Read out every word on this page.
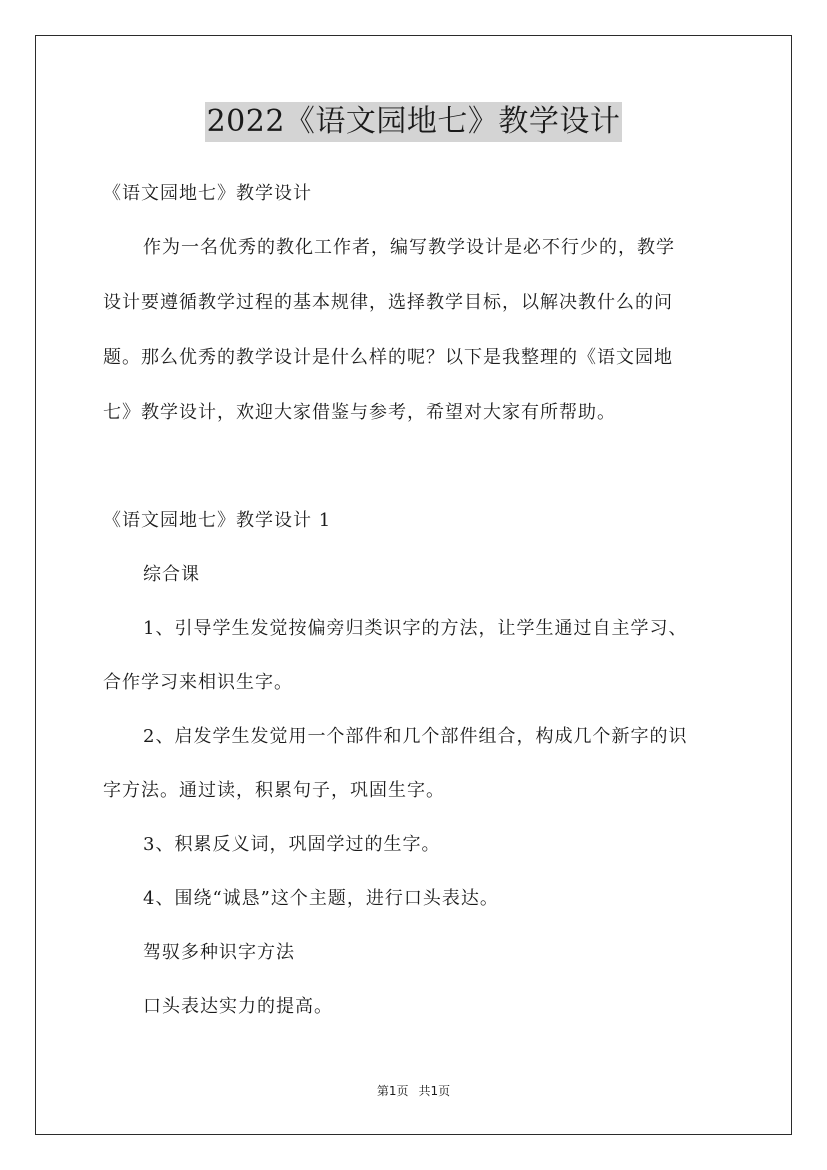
2022《语文园地七》教学设计
《语文园地七》教学设计
作为一名优秀的教化工作者，编写教学设计是必不行少的，教学
设计要遵循教学过程的基本规律，选择教学目标，以解决教什么的问
题。那么优秀的教学设计是什么样的呢？以下是我整理的《语文园地
七》教学设计，欢迎大家借鉴与参考，希望对大家有所帮助。
《语文园地七》教学设计 1
综合课
1、引导学生发觉按偏旁归类识字的方法，让学生通过自主学习、
合作学习来相识生字。
2、启发学生发觉用一个部件和几个部件组合，构成几个新字的识
字方法。通过读，积累句子，巩固生字。
3、积累反义词，巩固学过的生字。
4、围绕“诚恳”这个主题，进行口头表达。
驾驭多种识字方法
口头表达实力的提高。
第1页 共1页
